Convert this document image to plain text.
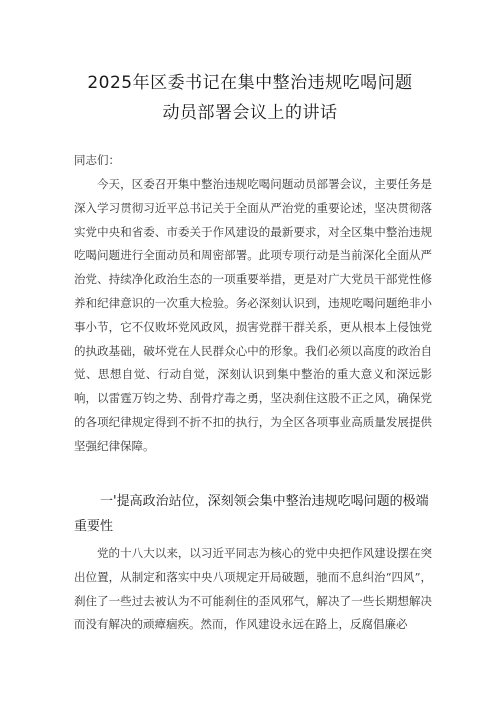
2025年区委书记在集中整治违规吃喝问题
动员部署会议上的讲话
同志们：
今天，区委召开集中整治违规吃喝问题动员部署会议，主要任务是深入学习贯彻习近平总书记关于全面从严治党的重要论述，坚决贯彻落实党中央和省委、市委关于作风建设的最新要求，对全区集中整治违规吃喝问题进行全面动员和周密部署。此项专项行动是当前深化全面从严治党、持续净化政治生态的一项重要举措，更是对广大党员干部党性修养和纪律意识的一次重大检验。务必深刻认识到，违规吃喝问题绝非小事小节，它不仅败坏党风政风，损害党群干群关系，更从根本上侵蚀党的执政基础，破坏党在人民群众心中的形象。我们必须以高度的政治自觉、思想自觉、行动自觉，深刻认识到集中整治的重大意义和深远影响，以雷霆万钧之势、刮骨疗毒之勇，坚决刹住这股不正之风，确保党的各项纪律规定得到不折不扣的执行，为全区各项事业高质量发展提供坚强纪律保障。
一'提高政治站位，深刻领会集中整治违规吃喝问题的极端重要性
党的十八大以来，以习近平同志为核心的党中央把作风建设摆在突出位置，从制定和落实中央八项规定开局破题，驰而不息纠治“四风”，刹住了一些过去被认为不可能刹住的歪风邪气，解决了一些长期想解决而没有解决的顽瘴痼疾。然而，作风建设永远在路上，反腐倡廉必
